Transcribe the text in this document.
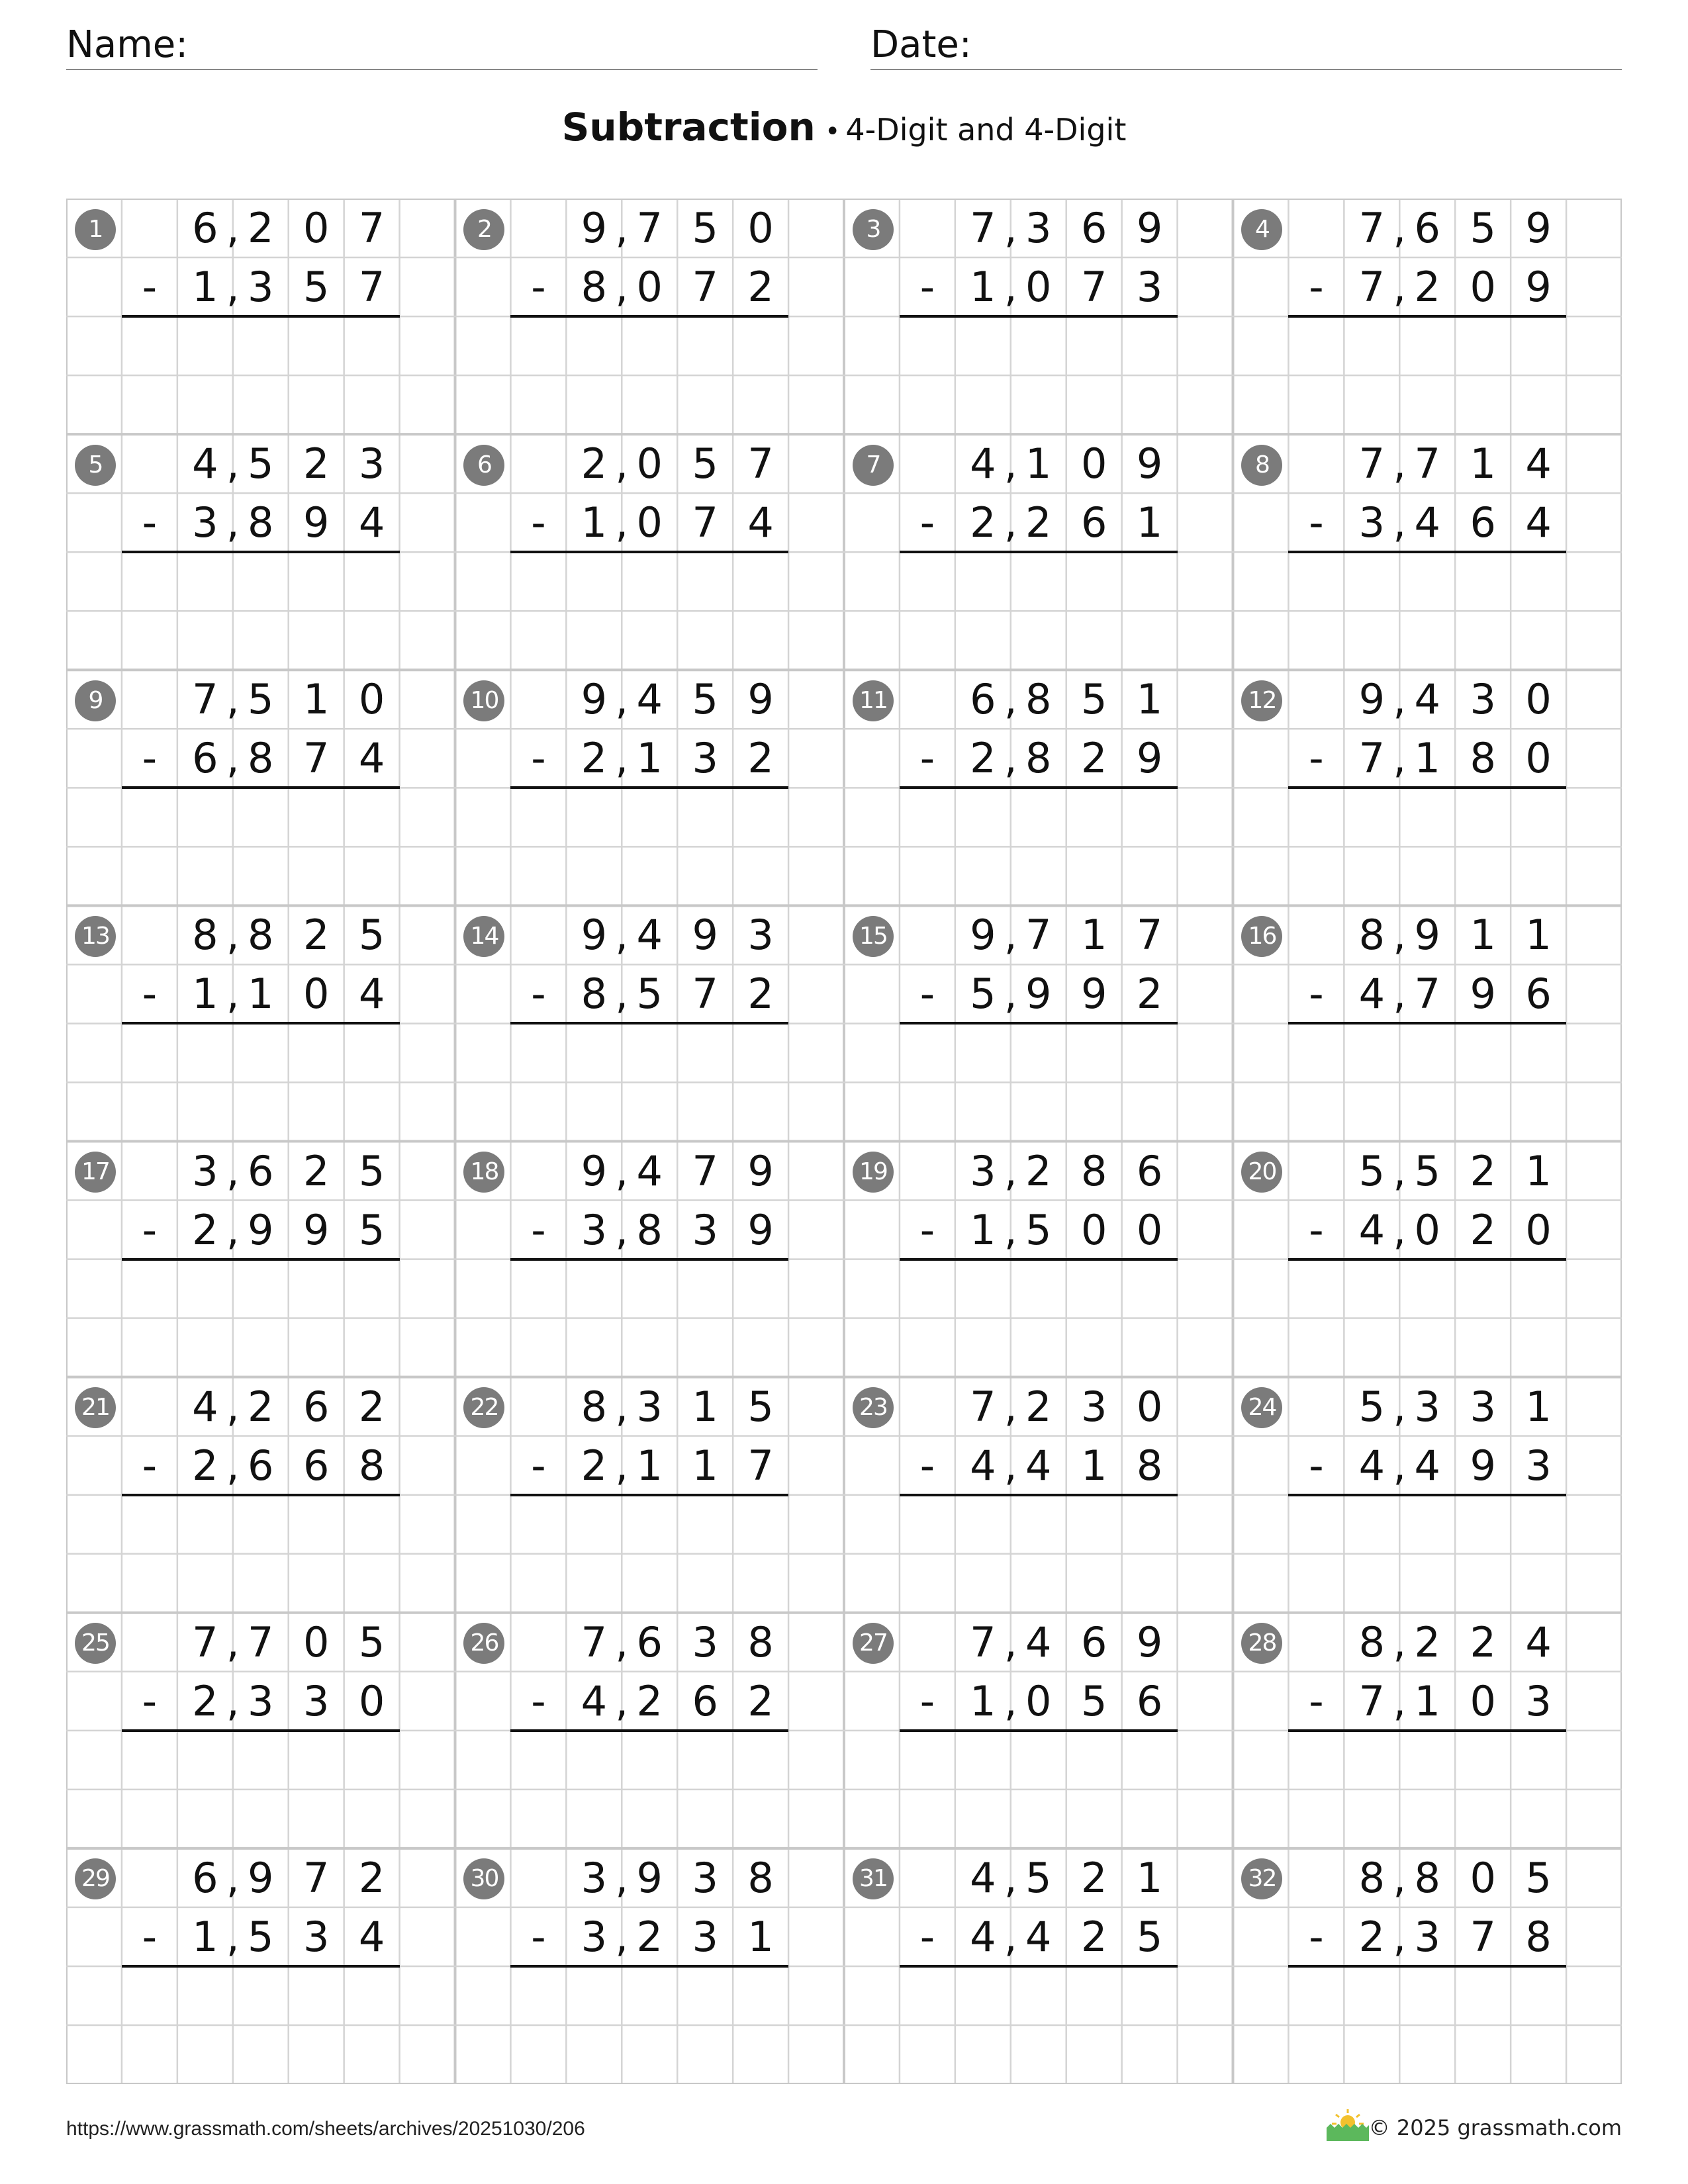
Name:	Date:
Subtraction • 4-Digit and 4-Digit
1	6 2 0 7
,
- 1 3 5 7
,
2	9 7 5 0
,
- 8 0 7 2
,
3	7 3 6 9
,
- 1 0 7 3
,
4	7 6 5 9
,
- 7 2 0 9
,
5	4 5 2 3
,
- 3 8 9 4
,
6	2 0 5 7
,
- 1 0 7 4
,
7	4 1 0 9
,
- 2 2 6 1
,
8	7 7 1 4
,
- 3 4 6 4
,
9	7 5 1 0
,
- 6 8 7 4
,
10	9 4 5 9
,
- 2 1 3 2
,
11	6 8 5 1
,
- 2 8 2 9
,
12	9 4 3 0
,
- 7 1 8 0
,
13	8 8 2 5
,
- 1 1 0 4
,
14	9 4 9 3
,
- 8 5 7 2
,
15	9 7 1 7
,
- 5 9 9 2
,
16	8 9 1 1
,
- 4 7 9 6
,
17	3 6 2 5
,
- 2 9 9 5
,
18	9 4 7 9
,
- 3 8 3 9
,
19	3 2 8 6
,
- 1 5 0 0
,
20	5 5 2 1
,
- 4 0 2 0
,
21	4 2 6 2
,
- 2 6 6 8
,
22	8 3 1 5
,
- 2 1 1 7
,
23	7 2 3 0
,
- 4 4 1 8
,
24	5 3 3 1
,
- 4 4 9 3
,
25	7 7 0 5
,
- 2 3 3 0
,
26	7 6 3 8
,
- 4 2 6 2
,
27	7 4 6 9
,
- 1 0 5 6
,
28	8 2 2 4
,
- 7 1 0 3
,
29	6 9 7 2
,
- 1 5 3 4
,
30	3 9 3 8
,
- 3 2 3 1
,
31	4 5 2 1
,
- 4 4 2 5
,
32	8 8 0 5
,
- 2 3 7 8
,
https://www.grassmath.com/sheets/archives/20251030/206	© 2025 grassmath.com
